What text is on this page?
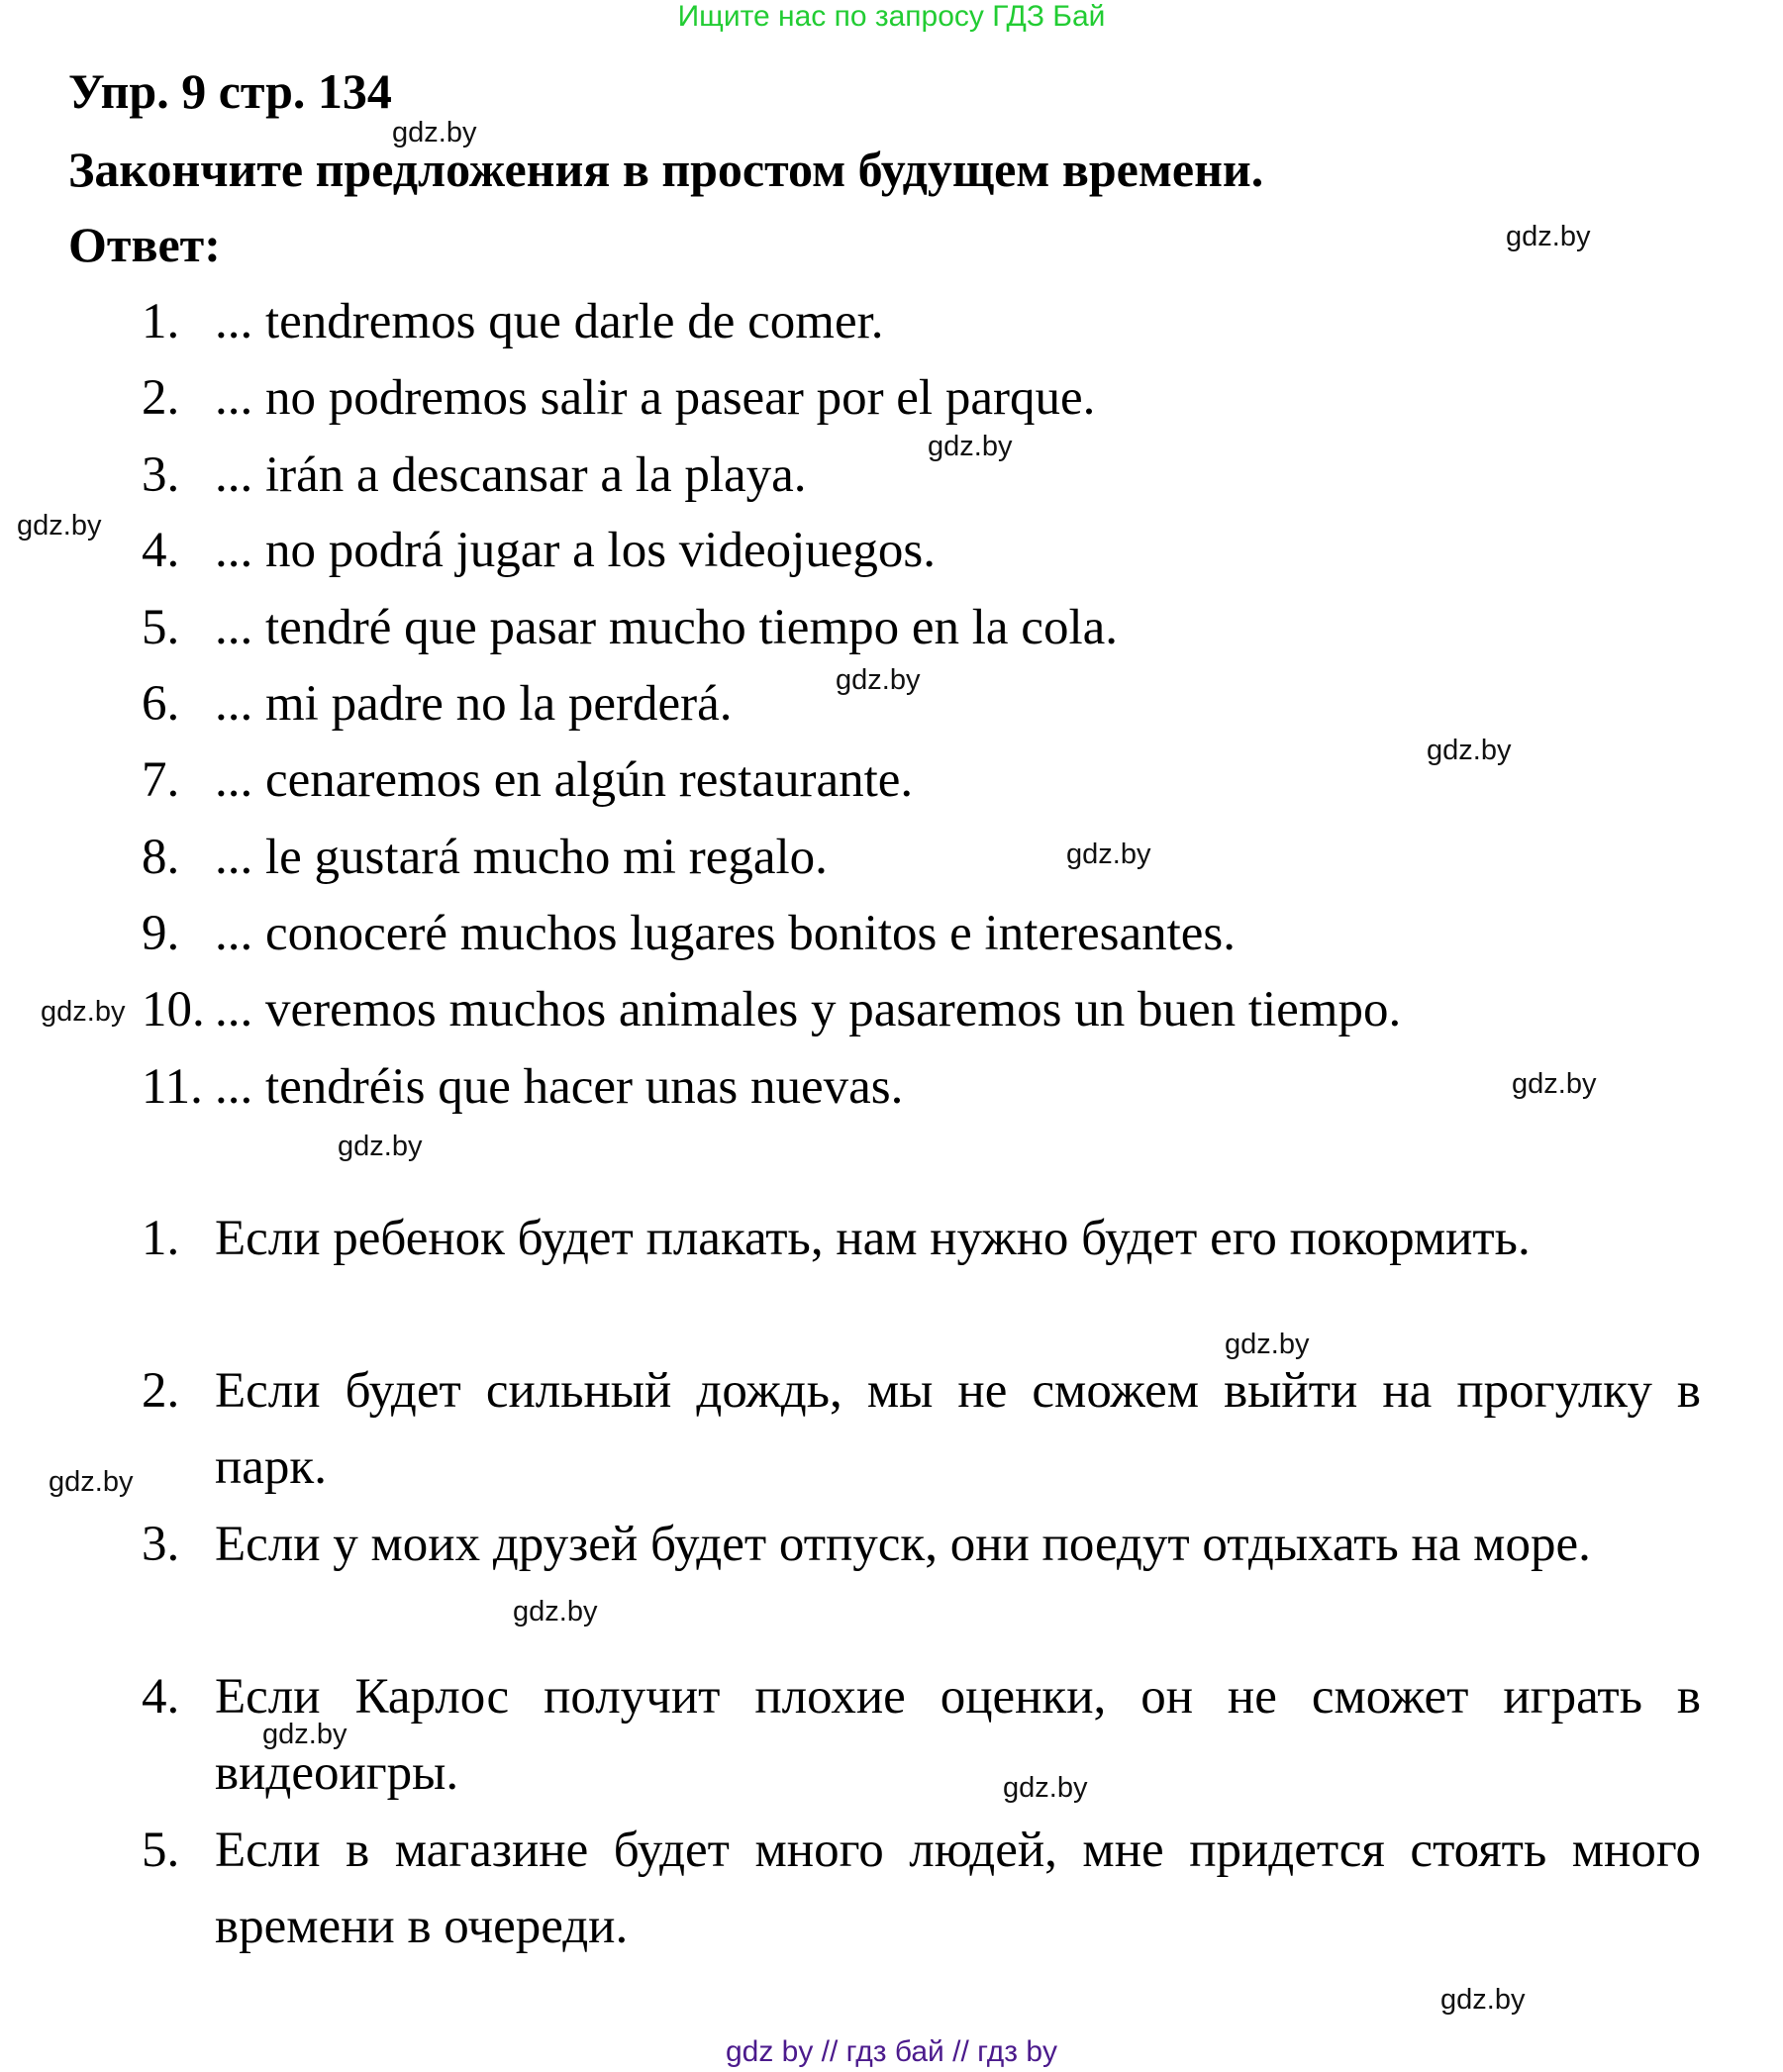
Ищите нас по запросу ГДЗ Бай
Упр. 9 стр. 134
Закончите предложения в простом будущем времени.
Ответ:
1. ... tendremos que darle de comer.
2. ... no podremos salir a pasear por el parque.
3. ... irán a descansar a la playa.
4. ... no podrá jugar a los videojuegos.
5. ... tendré que pasar mucho tiempo en la cola.
6. ... mi padre no la perderá.
7. ... cenaremos en algún restaurante.
8. ... le gustará mucho mi regalo.
9. ... conoceré muchos lugares bonitos e interesantes.
10. ... veremos muchos animales y pasaremos un buen tiempo.
11. ... tendréis que hacer unas nuevas.
1. Если ребенок будет плакать, нам нужно будет его покормить.
2. Если будет сильный дождь, мы не сможем выйти на прогулку в парк.
3. Если у моих друзей будет отпуск, они поедут отдыхать на море.
4. Если Карлос получит плохие оценки, он не сможет играть в видеоигры.
5. Если в магазине будет много людей, мне придется стоять много времени в очереди.
gdz.by
gdz.by
gdz.by
gdz.by
gdz.by
gdz.by
gdz.by
gdz.by
gdz.by
gdz.by
gdz.by
gdz.by
gdz.by
gdz.by
gdz.by
gdz.by
gdz by // гдз бай // гдз by
